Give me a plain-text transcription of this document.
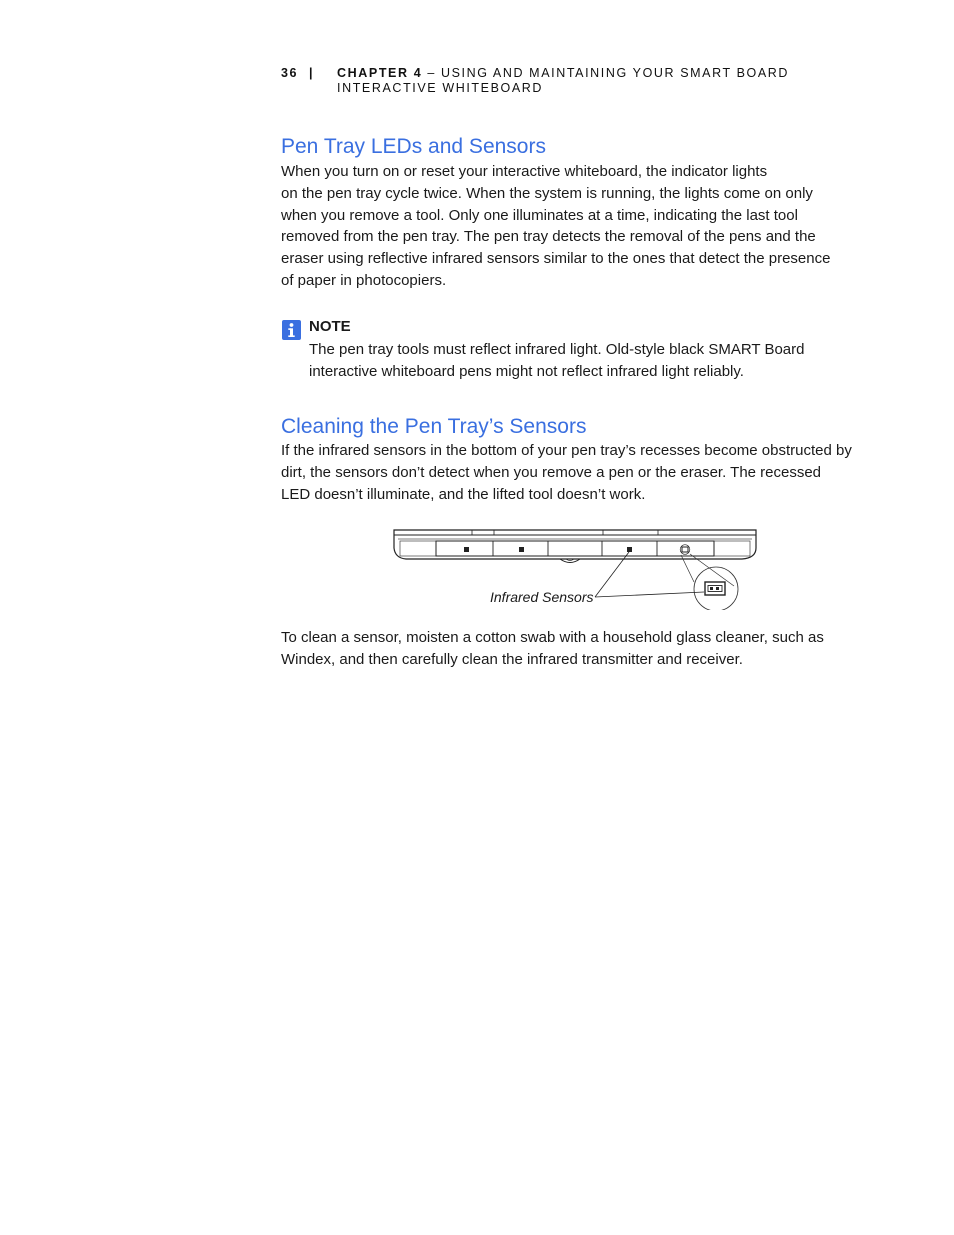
36 | CHAPTER 4 – USING AND MAINTAINING YOUR SMART BOARD INTERACTIVE WHITEBOARD
Pen Tray LEDs and Sensors

When you turn on or reset your interactive whiteboard, the indicator lights
on the pen tray cycle twice. When the system is running, the lights come on only
when you remove a tool. Only one illuminates at a time, indicating the last tool
removed from the pen tray. The pen tray detects the removal of the pens and the
eraser using reflective infrared sensors similar to the ones that detect the presence
of paper in photocopiers.

NOTE

The pen tray tools must reflect infrared light. Old-style black SMART Board
interactive whiteboard pens might not reflect infrared light reliably.

Cleaning the Pen Tray’s Sensors

If the infrared sensors in the bottom of your pen tray’s recesses become obstructed by
dirt, the sensors don’t detect when you remove a pen or the eraser. The recessed
LED doesn’t illuminate, and the lifted tool doesn’t work.

Infrared Sensors

To clean a sensor, moisten a cotton swab with a household glass cleaner, such as
Windex, and then carefully clean the infrared transmitter and receiver.
